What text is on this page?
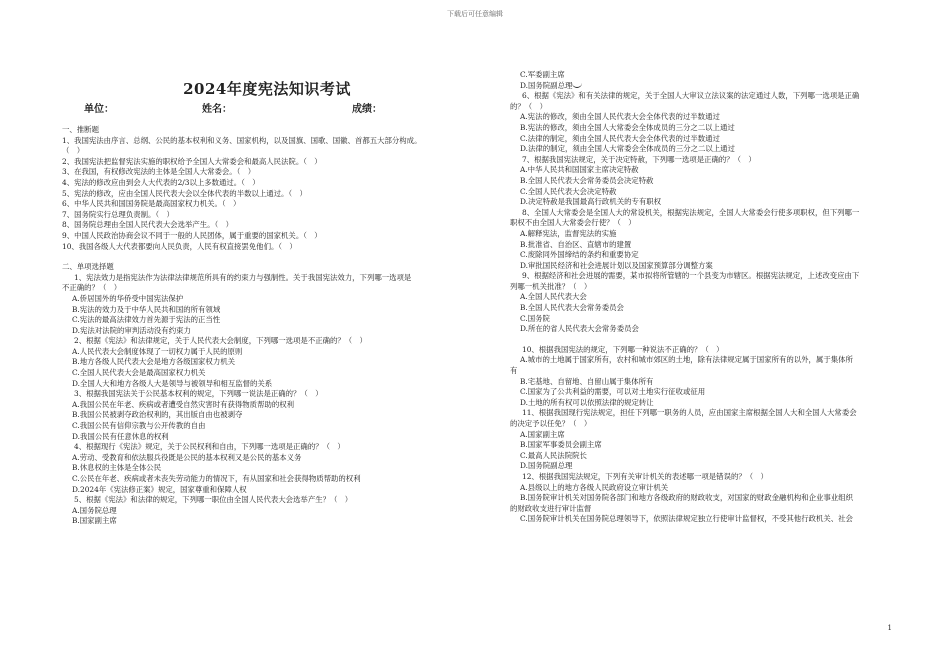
下载后可任意编辑
2024年度宪法知识考试
单位：	姓名：	成绩：
一、推断题
1、我国宪法由序言、总纲、公民的基本权利和义务、国家机构，以及国旗、国歌、国徽、首都五大部分构成。
（　）
2、我国宪法把监督宪法实施的职权给予全国人大常委会和最高人民法院。（　）
3、在我国，有权修改宪法的主体是全国人大常委会。（　）
4、宪法的修改应由到会人大代表的2/3以上多数通过。（　）
5、宪法的修改，应由全国人民代表大会以全体代表的半数以上通过。（　）
6、中华人民共和国国务院是最高国家权力机关。（　）
7、国务院实行总理负责制。（　）
8、国务院总理由全国人民代表大会选举产生。（　）
9、中国人民政治协商会议不同于一般的人民团体，属于重要的国家机关。（　）
10、我国各级人大代表都要向人民负责，人民有权直接罢免他们。（　）
二、单项选择题
1、宪法效力是指宪法作为法律法律规范所具有的约束力与强制性。关于我国宪法效力，下列哪一选项是
不正确的？（　）
A.侨居国外的华侨受中国宪法保护
B.宪法的效力及于中华人民共和国的所有领域
C.宪法的最高法律效力首先源于宪法的正当性
D.宪法对法院的审判活动没有约束力
2、根据《宪法》和法律规定，关于人民代表大会制度，下列哪一选项是不正确的？（　）
A.人民代表大会制度体现了一切权力属于人民的原则
B.地方各级人民代表大会是地方各级国家权力机关
C.全国人民代表大会是最高国家权力机关
D.全国人大和地方各级人大是领导与被领导和相互监督的关系
3、根据我国宪法关于公民基本权利的规定，下列哪一说法是正确的？（　）
A.我国公民在年老、疾病或者遭受自然灾害时有获得物质帮助的权利
B.我国公民被剥夺政治权利的，其出版自由也被剥夺
C.我国公民有信仰宗教与公开传教的自由
D.我国公民有任意休息的权利
4、根据现行《宪法》规定，关于公民权利和自由，下列哪一选项是正确的？（　）
A.劳动、受教育和依法服兵役既是公民的基本权利又是公民的基本义务
B.休息权的主体是全体公民
C.公民在年老、疾病或者未丧失劳动能力的情况下，有从国家和社会获得物质帮助的权利
D.2024年《宪法修正案》规定，国家尊重和保障人权
5、根据《宪法》和法律的规定，下列哪一职位由全国人民代表大会选举产生？（　）
A.国务院总理
B.国家副主席
C.军委副主席
D.国务院副总理
6、根据《宪法》和有关法律的规定，关于全国人大审议立法议案的法定通过人数，下列哪一选项是正确
的？（　）
A.宪法的修改，须由全国人民代表大会全体代表的过半数通过
B.宪法的修改，须由全国人大常委会全体成员的三分之二以上通过
C.法律的制定，须由全国人民代表大会全体代表的过半数通过
D.法律的制定，须由全国人大常委会全体成员的三分之二以上通过
7、根据我国宪法规定，关于决定特赦，下列哪一选项是正确的？（　）
A.中华人民共和国国家主席决定特赦
B.全国人民代表大会常务委员会决定特赦
C.全国人民代表大会决定特赦
D.决定特赦是我国最高行政机关的专有职权
8、全国人大常委会是全国人大的常设机关，根据宪法规定，全国人大常委会行使多项职权，但下列哪一
职权不由全国人大常委会行使？（　）
A.解释宪法，监督宪法的实施
B.批准省、自治区、直辖市的建置
C.废除同外国缔结的条约和重要协定
D.审批国民经济和社会进展计划以及国家预算部分调整方案
9、根据经济和社会进展的需要，某市拟将所管辖的一个县变为市辖区。根据宪法规定，上述改变应由下
列哪一机关批准？（　）
A.全国人民代表大会
B.全国人民代表大会常务委员会
C.国务院
D.所在的省人民代表大会常务委员会
10、根据我国宪法的规定，下列哪一种说法不正确的？（　）
A.城市的土地属于国家所有，农村和城市郊区的土地，除有法律规定属于国家所有的以外，属于集体所
有
B.宅基地、自留地、自留山属于集体所有
C.国家为了公共利益的需要，可以对土地实行征收或征用
D.土地的所有权可以依照法律的规定转让
11、根据我国现行宪法规定，担任下列哪一职务的人员，应由国家主席根据全国人大和全国人大常委会
的决定予以任免？（　）
A.国家副主席
B.国家军事委员会副主席
C.最高人民法院院长
D.国务院副总理
12、根据我国宪法规定，下列有关审计机关的表述哪一项是错误的？（　）
A.县级以上的地方各级人民政府设立审计机关
B.国务院审计机关对国务院各部门和地方各级政府的财政收支，对国家的财政金融机构和企业事业组织
的财政收支进行审计监督
C.国务院审计机关在国务院总理领导下，依照法律规定独立行使审计监督权，不受其他行政机关、社会
1
